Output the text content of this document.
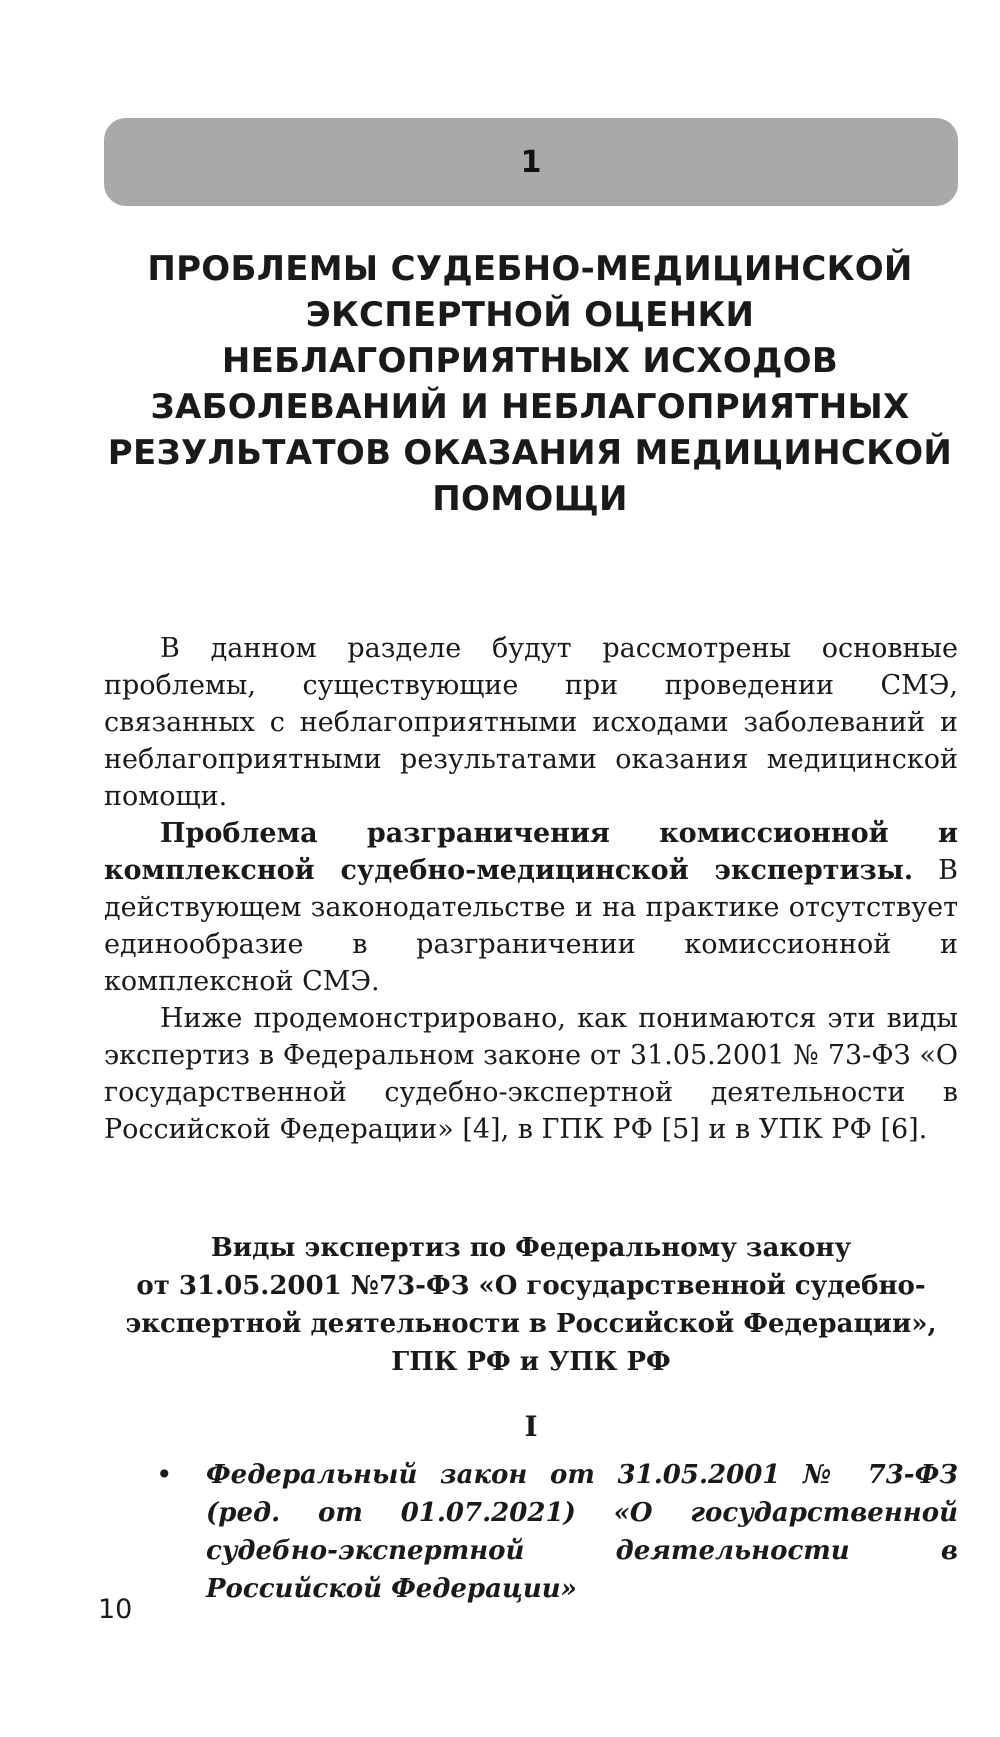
1
ПРОБЛЕМЫ СУДЕБНО-МЕДИЦИНСКОЙ
ЭКСПЕРТНОЙ ОЦЕНКИ
НЕБЛАГОПРИЯТНЫХ ИСХОДОВ
ЗАБОЛЕВАНИЙ И НЕБЛАГОПРИЯТНЫХ
РЕЗУЛЬТАТОВ ОКАЗАНИЯ МЕДИЦИНСКОЙ
ПОМОЩИ

В данном разделе будут рассмотрены основные проблемы, существующие при проведении СМЭ, связанных с неблагоприятными исходами заболеваний и неблагоприятными результатами оказания медицинской помощи.

Проблема разграничения комиссионной и комплексной судебно-медицинской экспертизы. В действующем законодательстве и на практике отсутствует единообразие в разграничении комиссионной и комплексной СМЭ.

Ниже продемонстрировано, как понимаются эти виды экспертиз в Федеральном законе от 31.05.2001 № 73-ФЗ «О государственной судебно-экспертной деятельности в Российской Федерации» [4], в ГПК РФ [5] и в УПК РФ [6].

Виды экспертиз по Федеральному закону
от 31.05.2001 №73-ФЗ «О государственной судебно-
экспертной деятельности в Российской Федерации»,
ГПК РФ и УПК РФ
I
• Федеральный закон от 31.05.2001 № 73-ФЗ (ред. от 01.07.2021) «О государственной судебно-экспертной деятельности в Российской Федерации»

10
